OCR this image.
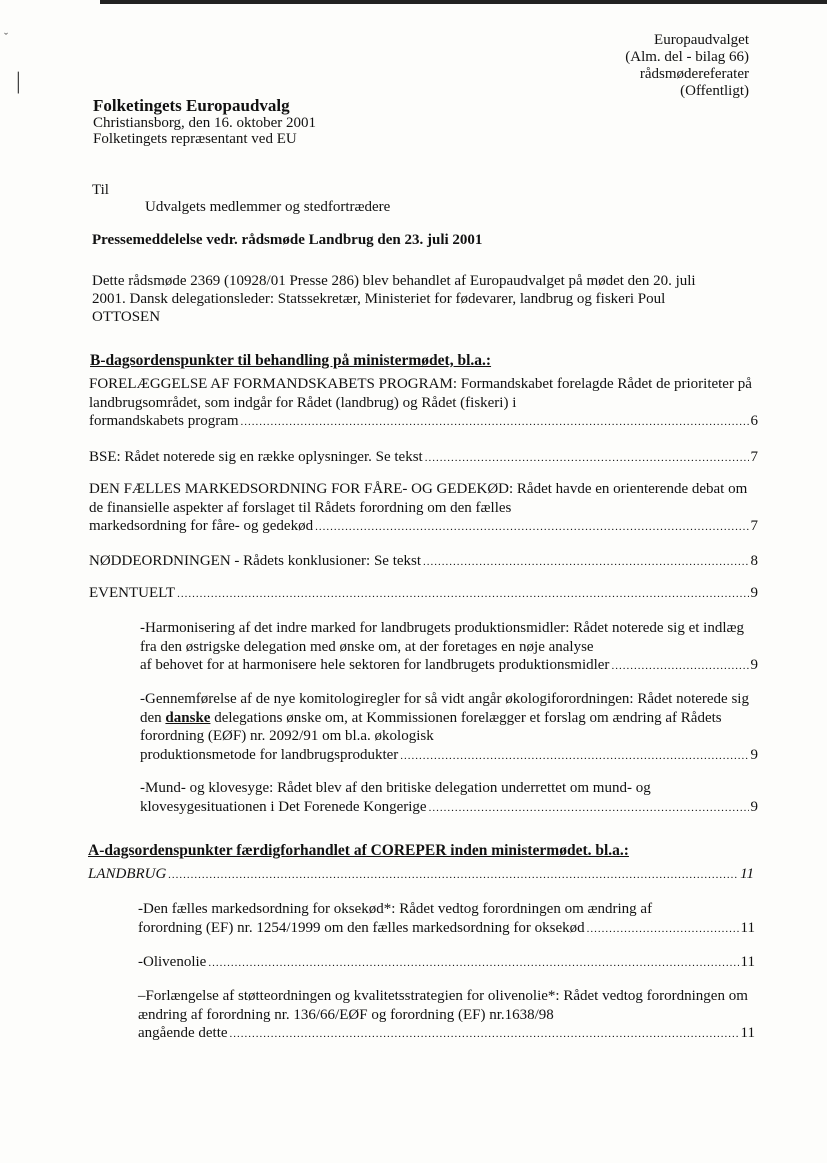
ˇ
│
Europaudvalget
(Alm. del - bilag 66)
rådsmødereferater
(Offentligt)
Folketingets Europaudvalg
Christiansborg, den 16. oktober 2001
Folketingets repræsentant ved EU
Til
Udvalgets medlemmer og stedfortrædere
Pressemeddelelse vedr. rådsmøde Landbrug den 23. juli 2001
Dette rådsmøde 2369 (10928/01 Presse 286) blev behandlet af Europaudvalget på mødet den 20. juli 2001. Dansk delegationsleder: Statssekretær, Ministeriet for fødevarer, landbrug og fiskeri Poul OTTOSEN
B-dagsordenspunkter til behandling på ministermødet, bl.a.:
FORELÆGGELSE AF FORMANDSKABETS PROGRAM: Formandskabet forelagde Rådet de prioriteter på landbrugsområdet, som indgår for Rådet (landbrug) og Rådet (fiskeri) i
formandskabets program .....	6
BSE: Rådet noterede sig en række oplysninger. Se tekst .....	7
DEN FÆLLES MARKEDSORDNING FOR FÅRE- OG GEDEKØD: Rådet havde en orienterende debat om de finansielle aspekter af forslaget til Rådets forordning om den fælles
markedsordning for fåre- og gedekød .....	7
NØDDEORDNINGEN - Rådets konklusioner: Se tekst .....	8
EVENTUELT .....	9
-Harmonisering af det indre marked for landbrugets produktionsmidler: Rådet noterede sig et indlæg fra den østrigske delegation med ønske om, at der foretages en nøje analyse
af behovet for at harmonisere hele sektoren for landbrugets produktionsmidler .....	9
-Gennemførelse af de nye komitologiregler for så vidt angår økologiforordningen: Rådet noterede sig den danske delegations ønske om, at Kommissionen forelægger et forslag om ændring af Rådets forordning (EØF) nr. 2092/91 om bl.a. økologisk
produktionsmetode for landbrugsprodukter .....	9
-Mund- og klovesyge: Rådet blev af den britiske delegation underrettet om mund- og
klovesygesituationen i Det Forenede Kongerige .....	9
A-dagsordenspunkter færdigforhandlet af COREPER inden ministermødet. bl.a.:
LANDBRUG .....	11
-Den fælles markedsordning for oksekød*: Rådet vedtog forordningen om ændring af
forordning (EF) nr. 1254/1999 om den fælles markedsordning for oksekød .....	11
-Olivenolie .....	11
–Forlængelse af støtteordningen og kvalitetsstrategien for olivenolie*: Rådet vedtog forordningen om ændring af forordning nr. 136/66/EØF og forordning (EF) nr.1638/98
angående dette .....	11
